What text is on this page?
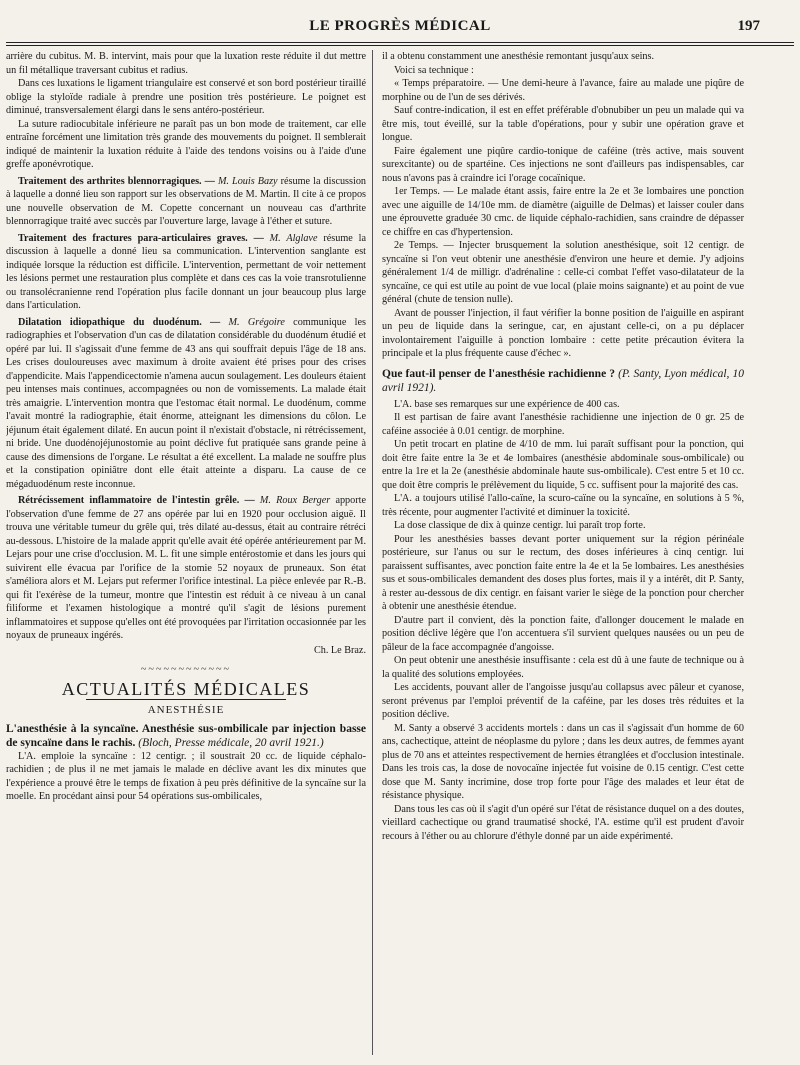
LE PROGRÈS MÉDICAL	197

arrière du cubitus. M. B. intervint, mais pour que la luxation reste réduite il dut mettre un fil métallique traversant cubitus et radius.

Dans ces luxations le ligament triangulaire est conservé et son bord postérieur tiraillé oblige la styloïde radiale à prendre une position très postérieure. Le poignet est diminué, transversalement élargi dans le sens antéro-postérieur.

La suture radiocubitale inférieure ne paraît pas un bon mode de traitement, car elle entraîne forcément une limitation très grande des mouvements du poignet. Il semblerait indiqué de maintenir la luxation réduite à l'aide des tendons voisins ou à l'aide d'une greffe aponévrotique.

Traitement des arthrites blennorragiques. — M. Louis Bazy résume la discussion à laquelle a donné lieu son rapport sur les observations de M. Martin. Il cite à ce propos une nouvelle observation de M. Copette concernant un nouveau cas d'arthrite blennorragique traité avec succès par l'ouverture large, lavage à l'éther et suture.

Traitement des fractures para-articulaires graves. — M. Alglave résume la discussion à laquelle a donné lieu sa communication. L'intervention sanglante est indiquée lorsque la réduction est difficile. L'intervention, permettant de voir nettement les lésions permet une restauration plus complète et dans ces cas la voie transrotulienne ou transolécranienne rend l'opération plus facile donnant un jour beaucoup plus large dans l'articulation.

Dilatation idiopathique du duodénum. — M. Grégoire communique les radiographies et l'observation d'un cas de dilatation considérable du duodénum étudié et opéré par lui. Il s'agissait d'une femme de 43 ans qui souffrait depuis l'âge de 18 ans. Les crises douloureuses avec maximum à droite avaient été prises pour des crises d'appendicite. Mais l'appendicectomie n'amena aucun soulagement. Les douleurs étaient peu intenses mais continues, accompagnées ou non de vomissements. La malade était très amaigrie. L'intervention montra que l'estomac était normal. Le duodénum, comme l'avait montré la radiographie, était énorme, atteignant les dimensions du côlon. Le jéjunum était également dilaté. En aucun point il n'existait d'obstacle, ni rétrécissement, ni bride. Une duodénojéjunostomie au point déclive fut pratiquée sans grande peine à cause des dimensions de l'organe. Le résultat a été excellent. La malade ne souffre plus et la constipation opiniâtre dont elle était atteinte a disparu. La cause de ce mégaduodénum reste inconnue.

Rétrécissement inflammatoire de l'intestin grêle. — M. Roux Berger apporte l'observation d'une femme de 27 ans opérée par lui en 1920 pour occlusion aiguë. Il trouva une véritable tumeur du grêle qui, très dilaté au-dessus, était au contraire rétréci au-dessous. L'histoire de la malade apprit qu'elle avait été opérée antérieurement par M. Lejars pour une crise d'occlusion. M. L. fit une simple entérostomie et dans les jours qui suivirent elle évacua par l'orifice de la stomie 52 noyaux de pruneaux. Son état s'améliora alors et M. Lejars put refermer l'orifice intestinal. La pièce enlevée par R.-B. qui fit l'exérèse de la tumeur, montre que l'intestin est réduit à ce niveau à un canal filiforme et l'examen histologique a montré qu'il s'agit de lésions purement inflammatoires et suppose qu'elles ont été provoquées par l'irritation occasionnée par les noyaux de pruneaux ingérés.

Ch. Le Braz.
~~~~~~~~~~~~
ACTUALITÉS MÉDICALES
ANESTHÉSIE

L'anesthésie à la syncaïne. Anesthésie sus-ombilicale par injection basse de syncaïne dans le rachis. (Bloch, Presse médicale, 20 avril 1921.)

L'A. emploie la syncaïne : 12 centigr. ; il soustrait 20 cc. de liquide céphalo-rachidien ; de plus il ne met jamais le malade en déclive avant les dix minutes que l'expérience a prouvé être le temps de fixation à peu près définitive de la syncaïne sur la moelle. En procédant ainsi pour 54 opérations sus-ombilicales,

il a obtenu constamment une anesthésie remontant jusqu'aux seins.

Voici sa technique :

« Temps préparatoire. — Une demi-heure à l'avance, faire au malade une piqûre de morphine ou de l'un de ses dérivés.

Sauf contre-indication, il est en effet préférable d'obnubiber un peu un malade qui va être mis, tout éveillé, sur la table d'opérations, pour y subir une opération grave et longue.

Faire également une piqûre cardio-tonique de caféine (très active, mais souvent surexcitante) ou de spartéine. Ces injections ne sont d'ailleurs pas indispensables, car nous n'avons pas à craindre ici l'orage cocaïnique.

1er Temps. — Le malade étant assis, faire entre la 2e et 3e lombaires une ponction avec une aiguille de 14/10e mm. de diamètre (aiguille de Delmas) et laisser couler dans une éprouvette graduée 30 cmc. de liquide céphalo-rachidien, sans craindre de dépasser ce chiffre en cas d'hypertension.

2e Temps. — Injecter brusquement la solution anesthésique, soit 12 centigr. de syncaïne si l'on veut obtenir une anesthésie d'environ une heure et demie. J'y adjoins généralement 1/4 de milligr. d'adrénaline : celle-ci combat l'effet vaso-dilatateur de la syncaïne, ce qui est utile au point de vue local (plaie moins saignante) et au point de vue général (chute de tension nulle).

Avant de pousser l'injection, il faut vérifier la bonne position de l'aiguille en aspirant un peu de liquide dans la seringue, car, en ajustant celle-ci, on a pu déplacer involontairement l'aiguille à ponction lombaire : cette petite précaution évitera la principale et la plus fréquente cause d'échec ».

Que faut-il penser de l'anesthésie rachidienne ? (P. Santy, Lyon médical, 10 avril 1921).

L'A. base ses remarques sur une expérience de 400 cas.

Il est partisan de faire avant l'anesthésie rachidienne une injection de 0 gr. 25 de caféine associée à 0.01 centigr. de morphine.

Un petit trocart en platine de 4/10 de mm. lui paraît suffisant pour la ponction, qui doit être faite entre la 3e et 4e lombaires (anesthésie abdominale sous-ombilicale) ou entre la 1re et la 2e (anesthésie abdominale haute sus-ombilicale). C'est entre 5 et 10 cc. que doit être compris le prélèvement du liquide, 5 cc. suffisent pour la majorité des cas.

L'A. a toujours utilisé l'allo-caïne, la scuro-caïne ou la syncaïne, en solutions à 5 %, très récente, pour augmenter l'activité et diminuer la toxicité.

La dose classique de dix à quinze centigr. lui paraît trop forte.

Pour les anesthésies basses devant porter uniquement sur la région périnéale postérieure, sur l'anus ou sur le rectum, des doses inférieures à cinq centigr. lui paraissent suffisantes, avec ponction faite entre la 4e et la 5e lombaires. Les anesthésies sus et sous-ombilicales demandent des doses plus fortes, mais il y a intérêt, dit P. Santy, à rester au-dessous de dix centigr. en faisant varier le siège de la ponction pour chercher à obtenir une anesthésie étendue.

D'autre part il convient, dès la ponction faite, d'allonger doucement le malade en position déclive légère que l'on accentuera s'il survient quelques nausées ou un peu de pâleur de la face accompagnée d'angoisse.

On peut obtenir une anesthésie insuffisante : cela est dû à une faute de technique ou à la qualité des solutions employées.

Les accidents, pouvant aller de l'angoisse jusqu'au collapsus avec pâleur et cyanose, seront prévenus par l'emploi préventif de la caféine, par les doses très réduites et la position déclive.

M. Santy a observé 3 accidents mortels : dans un cas il s'agissait d'un homme de 60 ans, cachectique, atteint de néoplasme du pylore ; dans les deux autres, de femmes ayant plus de 70 ans et atteintes respectivement de hernies étranglées et d'occlusion intestinale. Dans les trois cas, la dose de novocaïne injectée fut voisine de 0.15 centigr. C'est cette dose que M. Santy incrimine, dose trop forte pour l'âge des malades et leur état de résistance physique.

Dans tous les cas où il s'agit d'un opéré sur l'état de résistance duquel on a des doutes, vieillard cachectique ou grand traumatisé shocké, l'A. estime qu'il est prudent d'avoir recours à l'éther ou au chlorure d'éthyle donné par un aide expérimenté.
